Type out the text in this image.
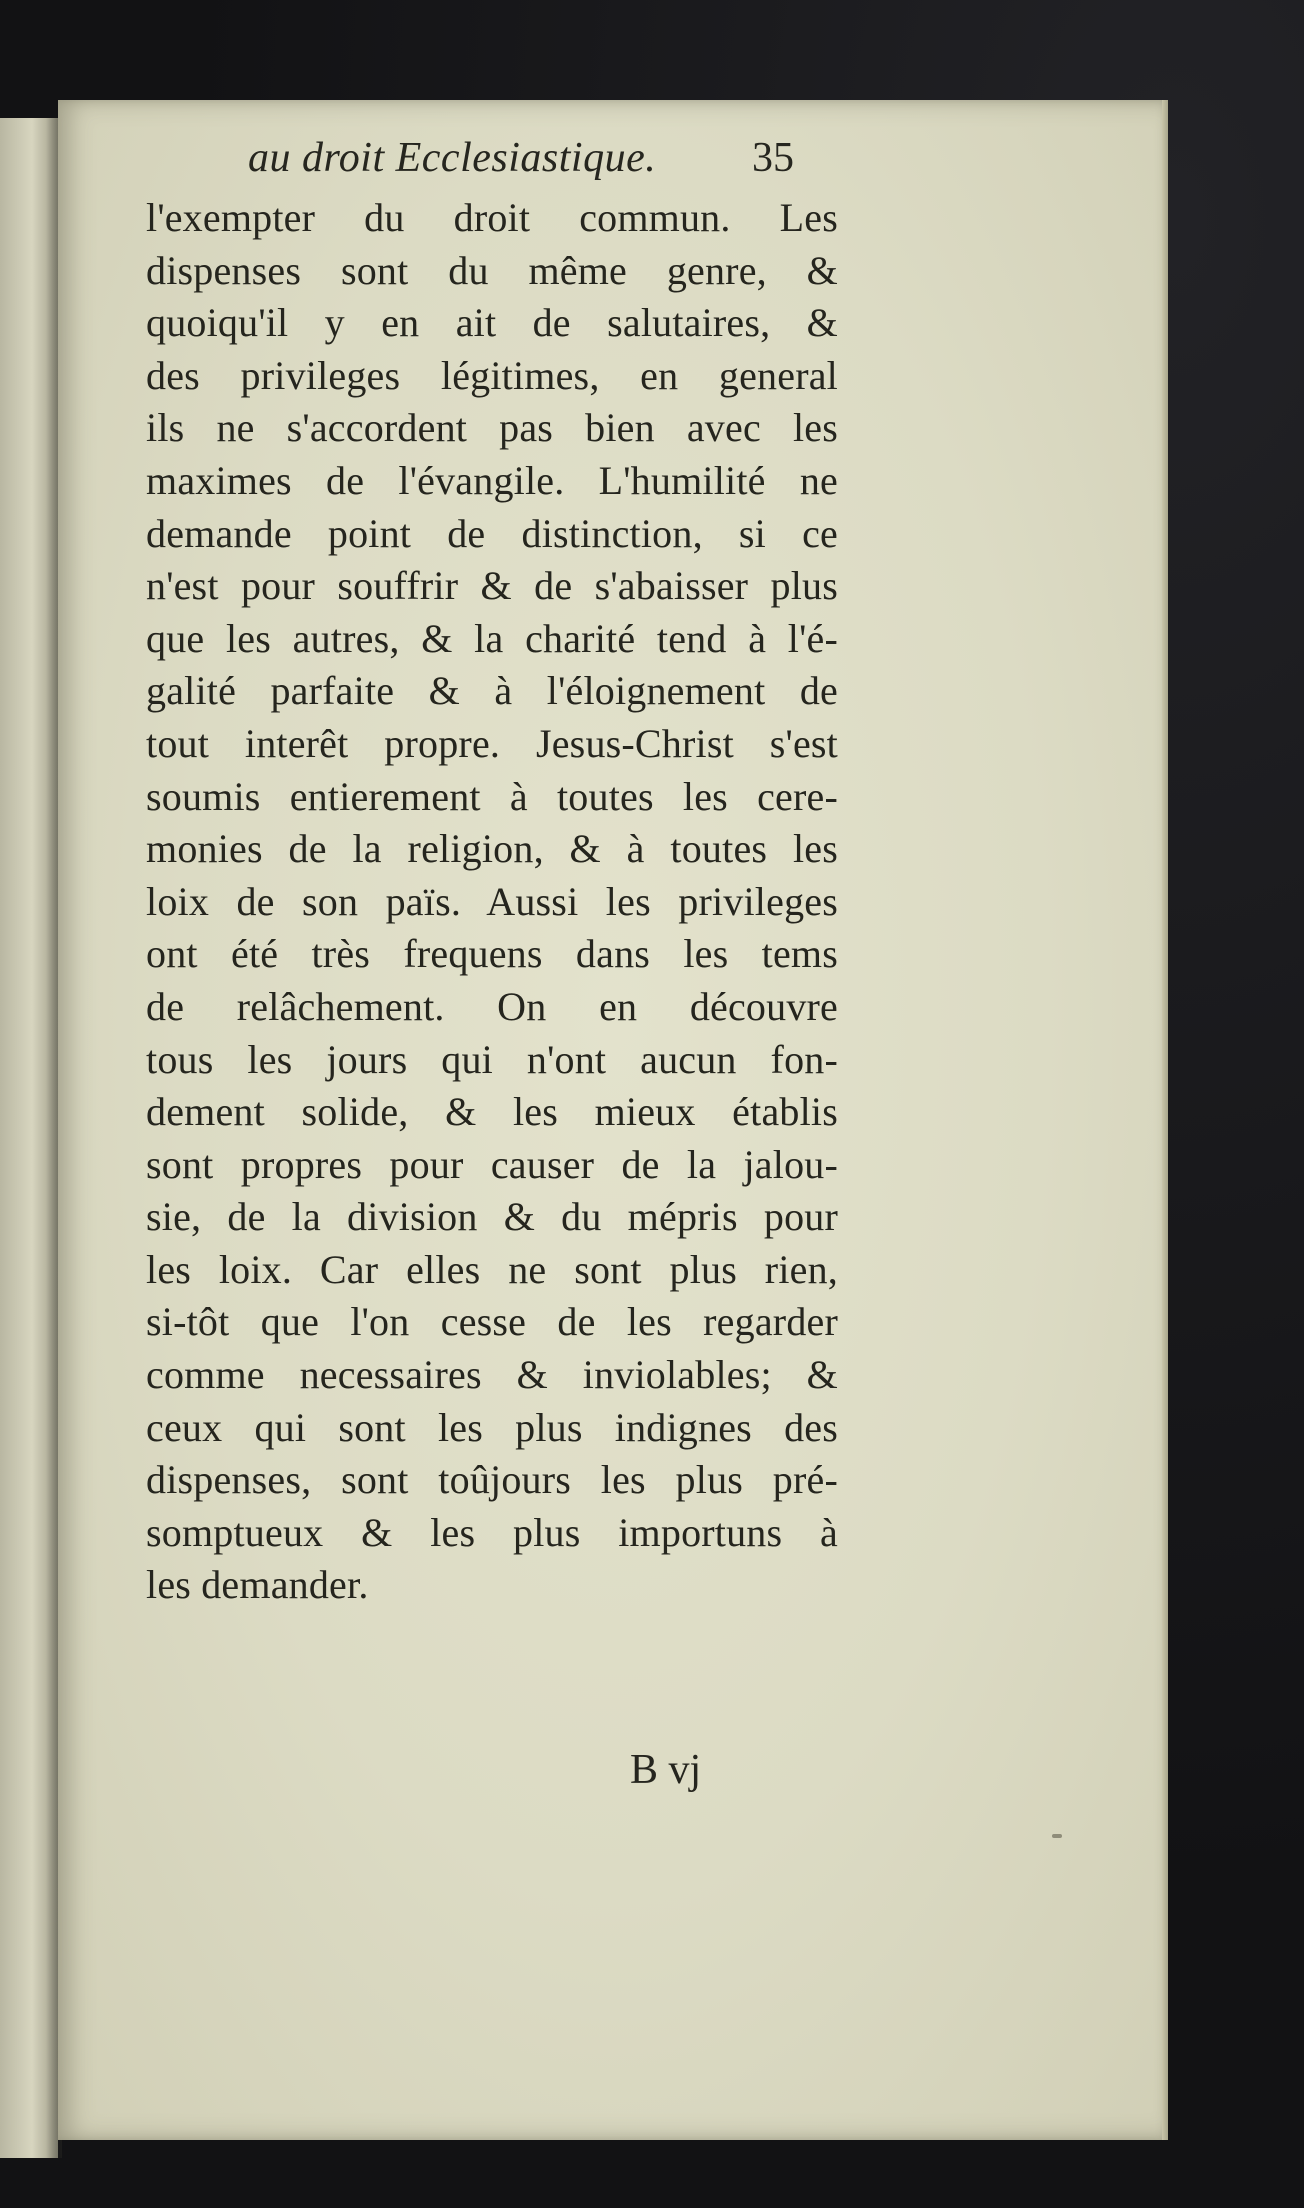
au droit Ecclesiastique. 35
l'exempter du droit commun. Les
dispenses sont du même genre, &
quoiqu'il y en ait de salutaires, &
des privileges légitimes, en general
ils ne s'accordent pas bien avec les
maximes de l'évangile. L'humilité ne
demande point de distinction, si ce
n'est pour souffrir & de s'abaisser plus
que les autres, & la charité tend à l'é-
galité parfaite & à l'éloignement de
tout interêt propre. Jesus-Christ s'est
soumis entierement à toutes les cere-
monies de la religion, & à toutes les
loix de son païs. Aussi les privileges
ont été très frequens dans les tems
de relâchement. On en découvre
tous les jours qui n'ont aucun fon-
dement solide, & les mieux établis
sont propres pour causer de la jalou-
sie, de la division & du mépris pour
les loix. Car elles ne sont plus rien,
si-tôt que l'on cesse de les regarder
comme necessaires & inviolables; &
ceux qui sont les plus indignes des
dispenses, sont toûjours les plus pré-
somptueux & les plus importuns à
les demander.
B vj
